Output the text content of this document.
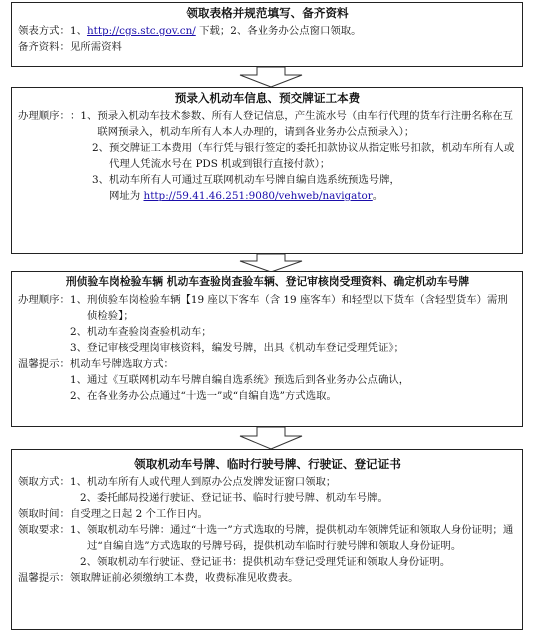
领取表格并规范填写、备齐资料
领表方式：1、http://cgs.stc.gov.cn/ 下载；2、各业务办公点窗口领取。
备齐资料：见所需资料
预录入机动车信息、预交牌证工本费
办理顺序： ：1、 预录入机动车技术参数、所有人登记信息，产生流水号（由车行代理的货车行注册名称在互联网预录入，机动车所有人本人办理的，请到各业务办公点预录入）；
2、 预交牌证工本费用（车行凭与银行签定的委托扣款协议从指定账号扣款，机动车所有人或代理人凭流水号在 PDS 机或到银行直接付款）；
3、 机动车所有人可通过互联网机动车号牌自编自选系统预选号牌，
网址为 http://59.41.46.251:9080/vehweb/navigator。
刑侦验车岗检验车辆 机动车查验岗查验车辆、登记审核岗受理资料、确定机动车号牌
办理顺序： 1、 刑侦验车岗检验车辆【19 座以下客车（含 19 座客车）和轻型以下货车（含轻型货车）需刑侦检验】；
2、 机动车查验岗查验机动车；
3、 登记审核受理岗审核资料，编发号牌，出具《机动车登记受理凭证》；
温馨提示： 机动车号牌选取方式：
1、 通过《互联网机动车号牌自编自选系统》预选后到各业务办公点确认，
2、 在各业务办公点通过“十选一”或“自编自选”方式选取。
领取机动车号牌、临时行驶号牌、行驶证、登记证书
领取方式： 1、机动车所有人或代理人到原办公点发牌发证窗口领取；
2、委托邮局投递行驶证、登记证书、临时行驶号牌、机动车号牌。
领取时间： 自受理之日起 2 个工作日内。
领取要求： 1、 领取机动车号牌：通过“十选一”方式选取的号牌，提供机动车领牌凭证和领取人身份证明；通过“自编自选”方式选取的号牌号码，提供机动车临时行驶号牌和领取人身份证明。
2、领取机动车行驶证、登记证书：提供机动车登记受理凭证和领取人身份证明。
温馨提示： 领取牌证前必须缴纳工本费，收费标准见收费表。
